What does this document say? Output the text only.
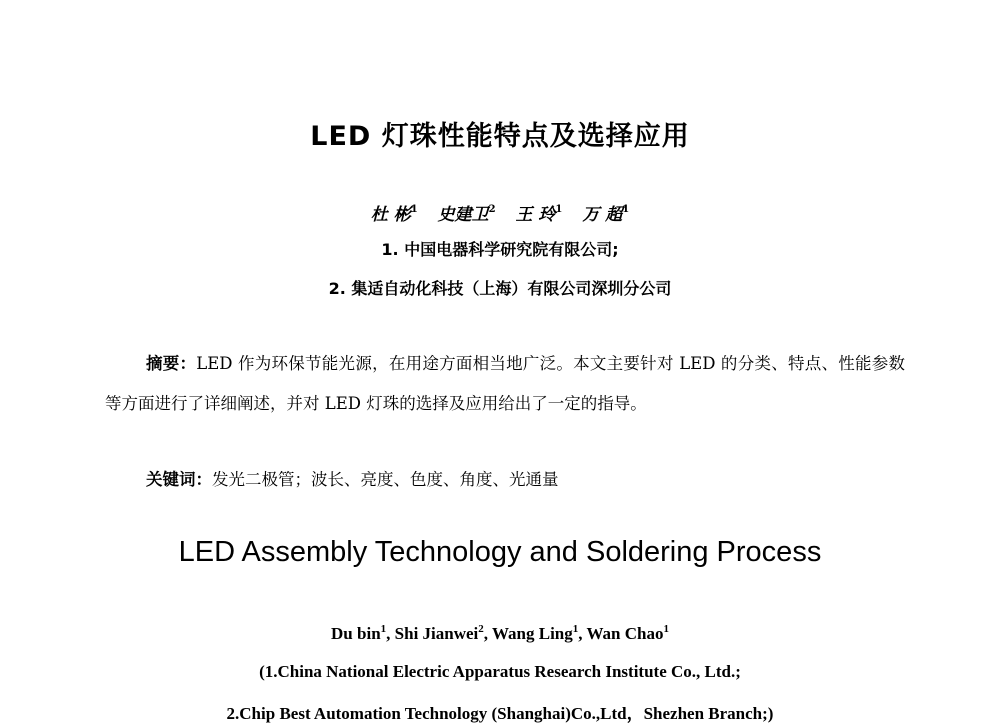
LED 灯珠性能特点及选择应用
杜 彬$^1$ 史建卫$^2$ 王 玲$^1$ 万 超$^1$
1. 中国电器科学研究院有限公司;
2. 集适自动化科技（上海）有限公司深圳分公司
摘要：LED 作为环保节能光源，在用途方面相当地广泛。本文主要针对 LED 的分类、特点、性能参数等方面进行了详细阐述，并对 LED 灯珠的选择及应用给出了一定的指导。
关键词：发光二极管；波长、亮度、色度、角度、光通量
LED Assembly Technology and Soldering Process
Du bin$^1$, Shi Jianwei$^2$, Wang Ling$^1$, Wan Chao$^1$
(1.China National Electric Apparatus Research Institute Co., Ltd.;
2.Chip Best Automation Technology (Shanghai)Co.,Ltd，Shezhen Branch;)
